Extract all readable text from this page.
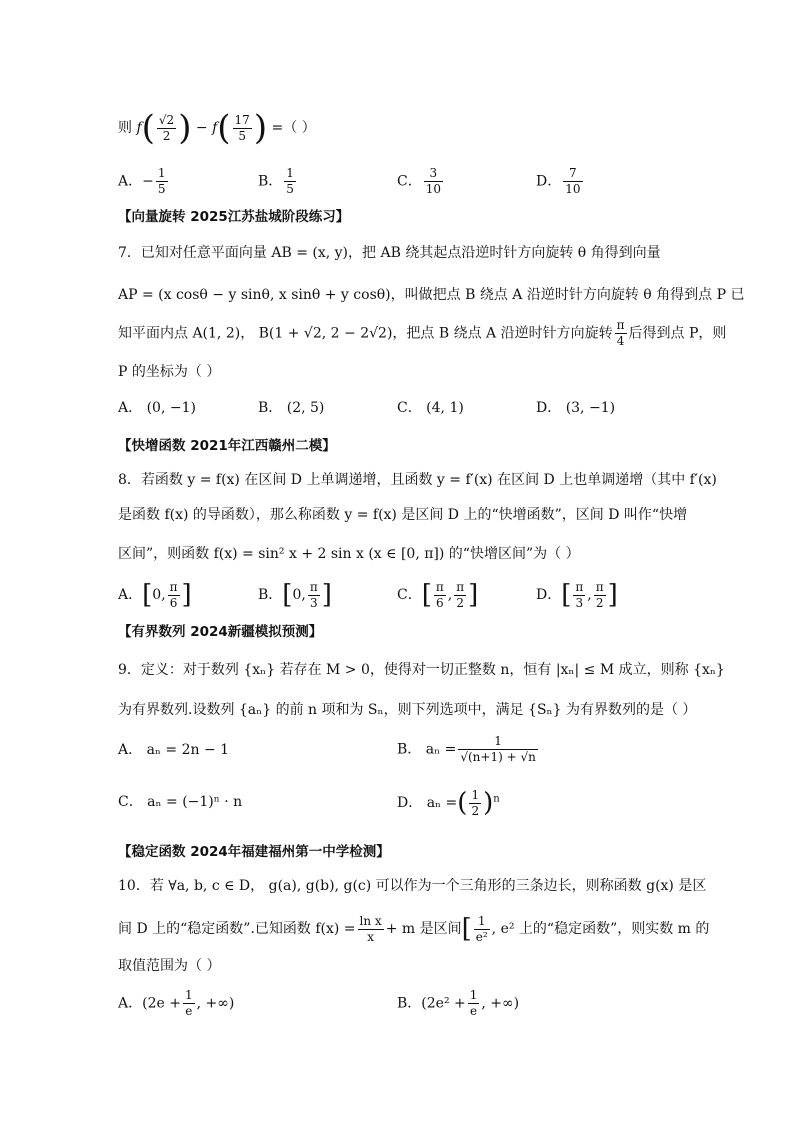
则 $f( \frac{√2}{2}$ ) − $f( \frac{17}{5}$ ) =（ ）
A．− $\frac{1}{5}$	B． $\frac{1}{5}$	C． $\frac{3}{10}$	D． $\frac{7}{10}$
【向量旋转 2025江苏盐城阶段练习】
7．已知对任意平面向量 AB = (x, y)，把 AB 绕其起点沿逆时针方向旋转 θ 角得到向量
AP = (x cosθ − y sinθ, x sinθ + y cosθ)，叫做把点 B 绕点 A 沿逆时针方向旋转 θ 角得到点 P 已
知平面内点 A(1, 2)， B(1 + √2, 2 − 2√2)，把点 B 绕点 A 沿逆时针方向旋转 $\frac{\pi}{4}$ 后得到点 P，则
P 的坐标为（ ）
A． (0, −1)	B． (2, 5)	C． (4, 1)	D． (3, −1)
【快增函数 2021年江西赣州二模】
8．若函数 y = f(x) 在区间 D 上单调递增，且函数 y = f′(x) 在区间 D 上也单调递增（其中 f′(x)
是函数 f(x) 的导函数），那么称函数 y = f(x) 是区间 D 上的“快增函数”，区间 D 叫作“快增
区间”，则函数 f(x) = sin² x + 2 sin x (x ∈ [0, π]) 的“快增区间”为（ ）
A．[0, $\frac{\pi}{6}$ ]	B．[0, $\frac{\pi}{3}$ ]	C．[ $\frac{\pi}{6}$ , $\frac{\pi}{2}$ ]	D．[ $\frac{\pi}{3}$ , $\frac{\pi}{2}$ ]
【有界数列 2024新疆模拟预测】
9．定义：对于数列 {xₙ} 若存在 M > 0，使得对一切正整数 n，恒有 |xₙ| ≤ M 成立，则称 {xₙ}
为有界数列.设数列 {aₙ} 的前 n 项和为 Sₙ，则下列选项中，满足 {Sₙ} 为有界数列的是（ ）
A． aₙ = 2n − 1	B． $a_n = \frac{1}{√(n+1) + √n}$
C． aₙ = (−1)ⁿ · n	D． aₙ =( $\frac{1}{2} )^n$
【稳定函数 2024年福建福州第一中学检测】
10．若 ∀a, b, c ∈ D， g(a), g(b), g(c) 可以作为一个三角形的三条边长，则称函数 g(x) 是区
间 D 上的“稳定函数”.已知函数 $f(x) = \frac{\text{ln x}}{x} + m$ 是区间[ $\frac{1}{\text{e²}}$ , e² 上的“稳定函数”，则实数 m 的
取值范围为（ ）
A．($2e + \frac{1}{e}$ , +∞)	B．($2e^2 + \frac{1}{e}$ , +∞)
